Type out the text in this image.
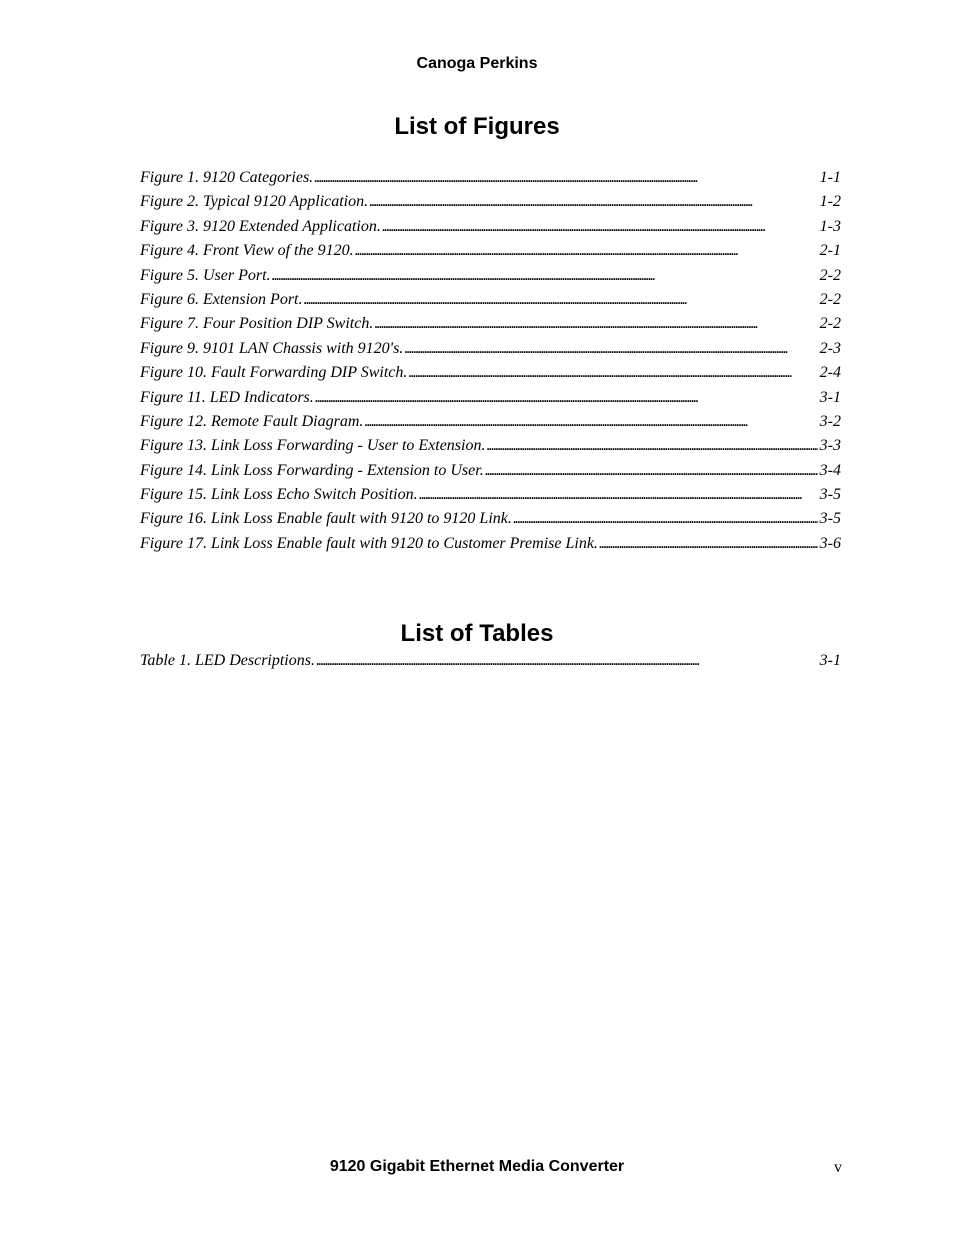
Canoga Perkins
List of Figures
Figure 1. 9120 Categories. . . .	1-1
Figure 2. Typical 9120 Application. . . .	1-2
Figure 3. 9120 Extended Application. . . .	1-3
Figure 4. Front View of the 9120. . . .	2-1
Figure 5. User Port. . . .	2-2
Figure 6. Extension Port. . . .	2-2
Figure 7. Four Position DIP Switch. . . .	2-2
Figure 9. 9101 LAN Chassis with 9120's. . . .	2-3
Figure 10. Fault Forwarding DIP Switch. . . .	2-4
Figure 11. LED Indicators. . . .	3-1
Figure 12. Remote Fault Diagram. . . .	3-2
Figure 13. Link Loss Forwarding - User to Extension. . . .	3-3
Figure 14. Link Loss Forwarding - Extension to User. . . .	3-4
Figure 15. Link Loss Echo Switch Position. . . .	3-5
Figure 16. Link Loss Enable fault with 9120 to 9120 Link. . . .	3-5
Figure 17. Link Loss Enable fault with 9120 to Customer Premise Link. . . .	3-6
List of Tables
Table 1. LED Descriptions. . . .	3-1
9120 Gigabit Ethernet Media Converter	v
